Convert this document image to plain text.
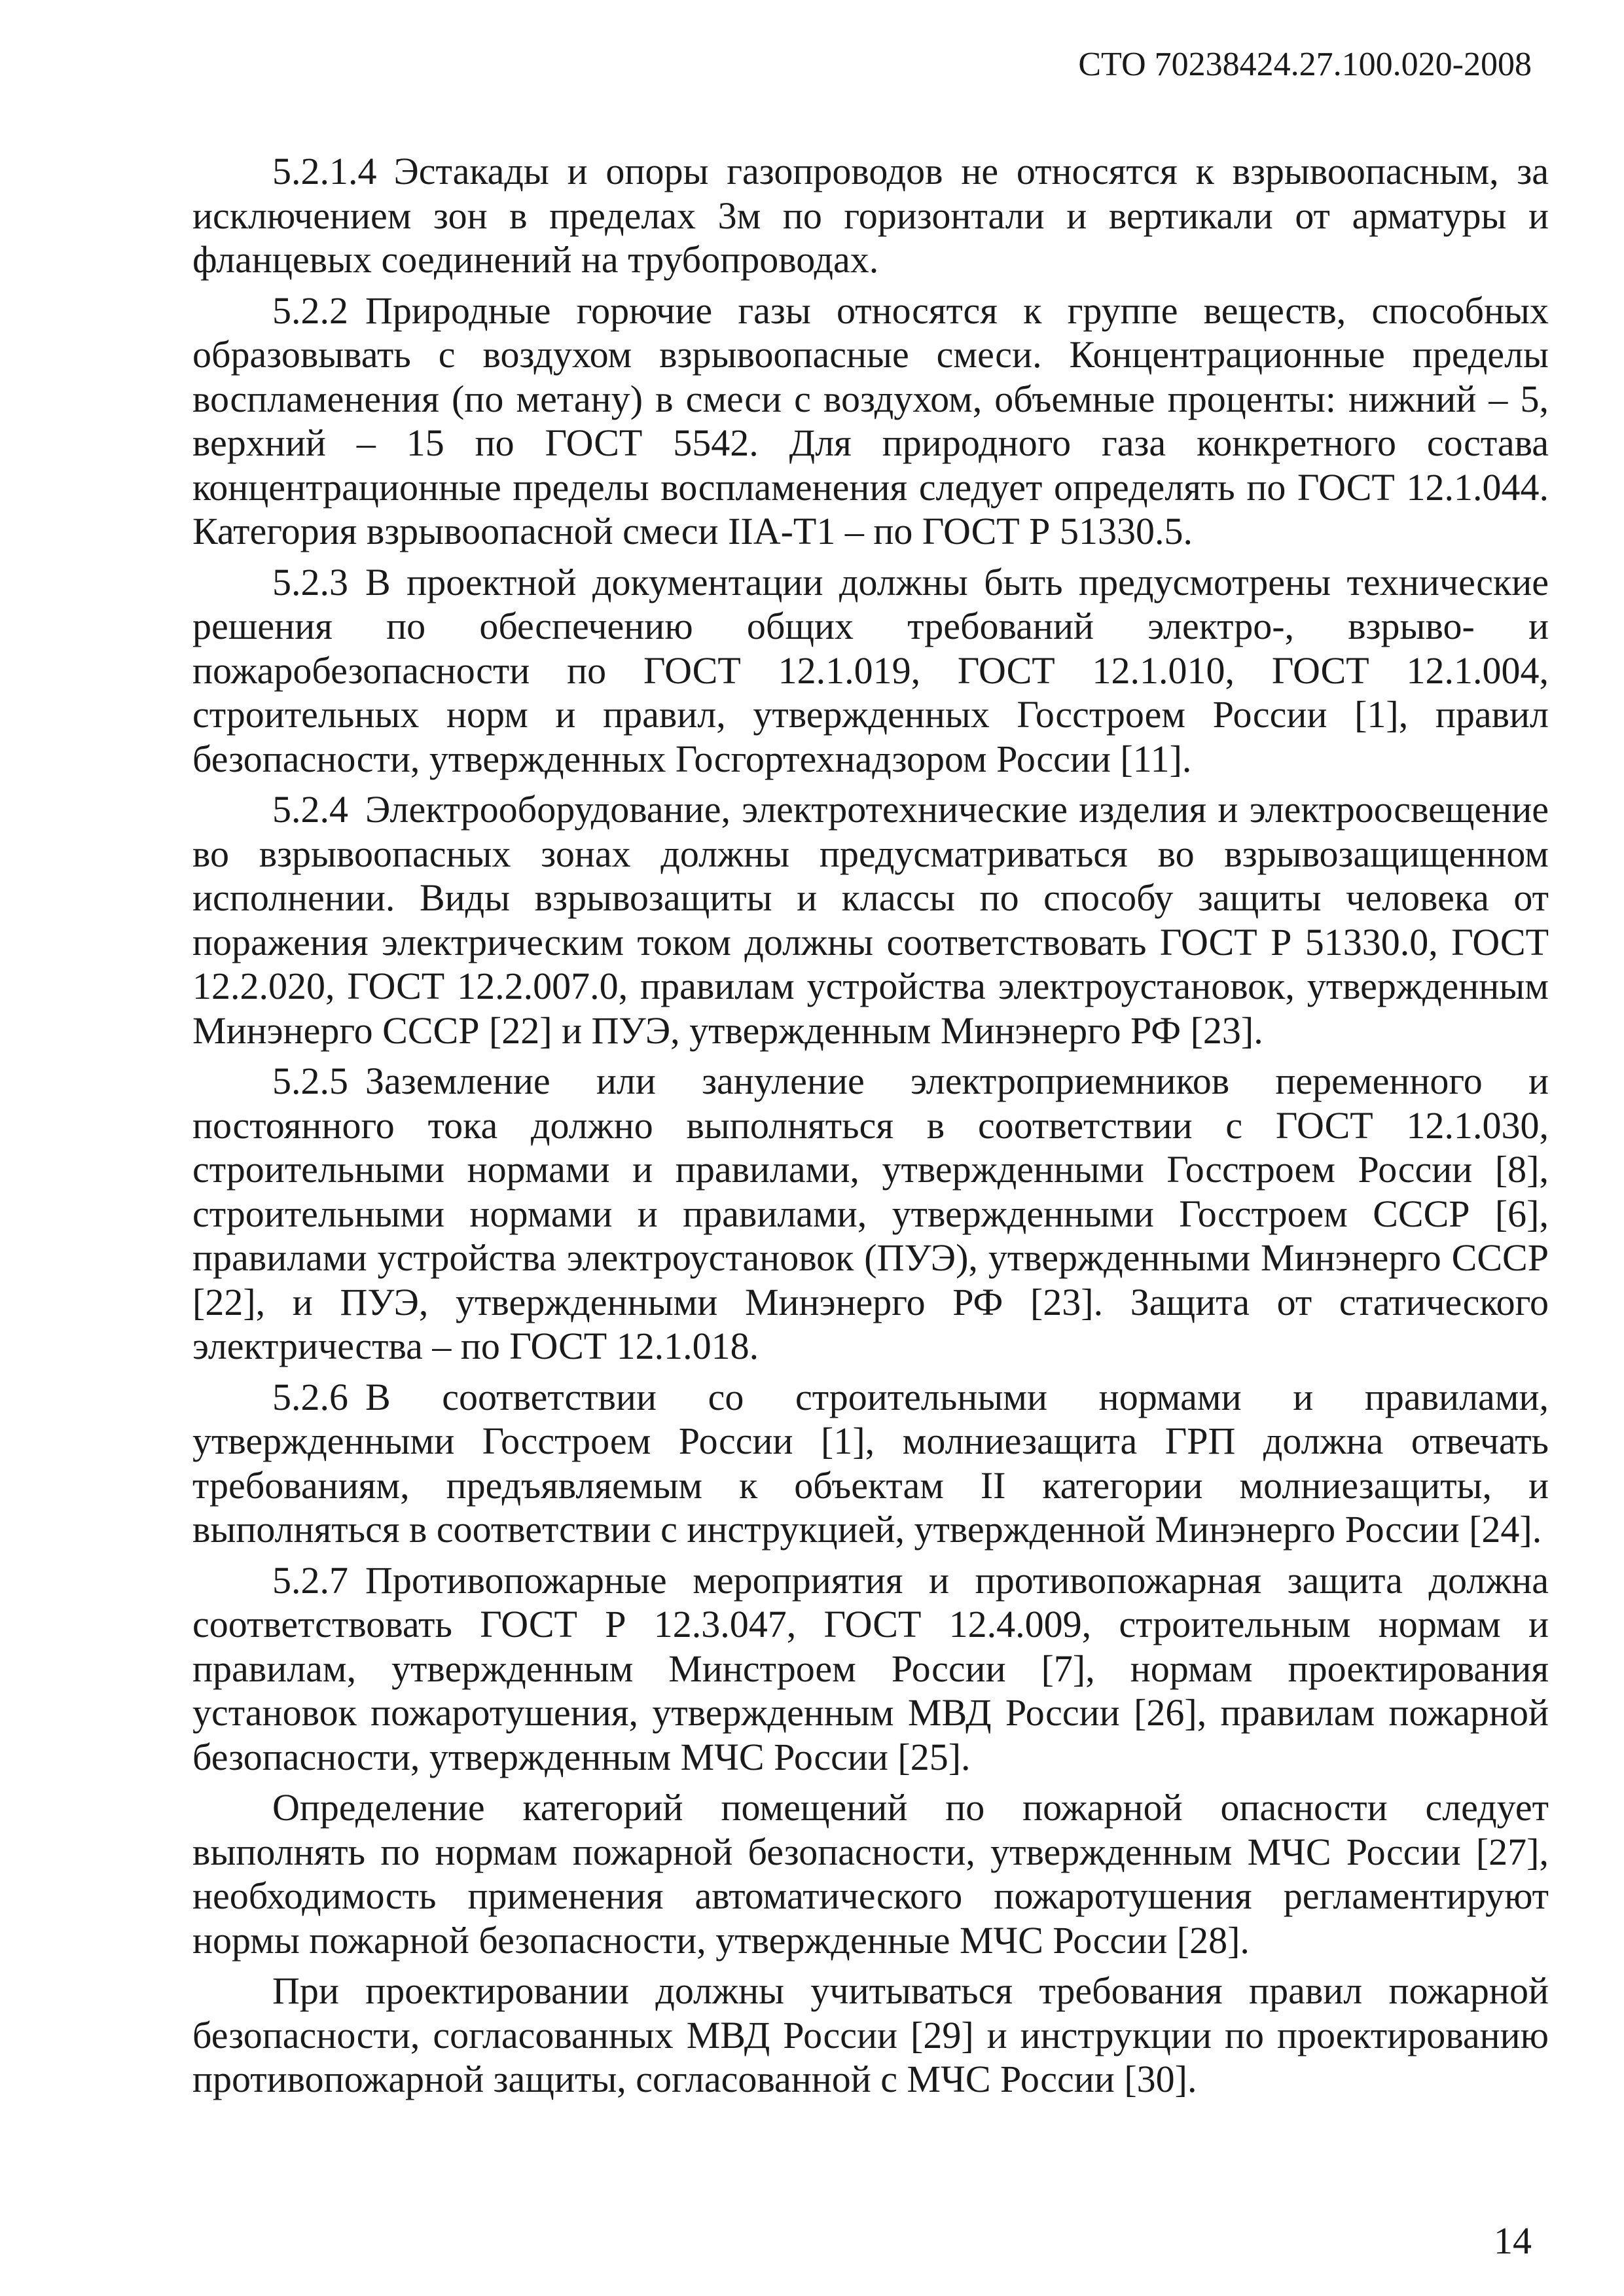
СТО 70238424.27.100.020-2008

5.2.1.4 Эстакады и опоры газопроводов не относятся к взрывоопасным, за исключением зон в пределах 3м по горизонтали и вертикали от арматуры и фланцевых соединений на трубопроводах.

5.2.2 Природные горючие газы относятся к группе веществ, способных образовывать с воздухом взрывоопасные смеси. Концентрационные пределы воспламенения (по метану) в смеси с воздухом, объемные проценты: нижний – 5, верхний – 15 по ГОСТ 5542. Для природного газа конкретного состава концентрационные пределы воспламенения следует определять по ГОСТ 12.1.044. Категория взрывоопасной смеси IIА-Т1 – по ГОСТ Р 51330.5.

5.2.3 В проектной документации должны быть предусмотрены технические решения по обеспечению общих требований электро-, взрыво- и пожаробезопасности по ГОСТ 12.1.019, ГОСТ 12.1.010, ГОСТ 12.1.004, строительных норм и правил, утвержденных Госстроем России [1], правил безопасности, утвержденных Госгортехнадзором России [11].

5.2.4 Электрооборудование, электротехнические изделия и электроосвещение во взрывоопасных зонах должны предусматриваться во взрывозащищенном исполнении. Виды взрывозащиты и классы по способу защиты человека от поражения электрическим током должны соответствовать ГОСТ Р 51330.0, ГОСТ 12.2.020, ГОСТ 12.2.007.0, правилам устройства электроустановок, утвержденным Минэнерго СССР [22] и ПУЭ, утвержденным Минэнерго РФ [23].

5.2.5 Заземление или зануление электроприемников переменного и постоянного тока должно выполняться в соответствии с ГОСТ 12.1.030, строительными нормами и правилами, утвержденными Госстроем России [8], строительными нормами и правилами, утвержденными Госстроем СССР [6], правилами устройства электроустановок (ПУЭ), утвержденными Минэнерго СССР [22], и ПУЭ, утвержденными Минэнерго РФ [23]. Защита от статического электричества – по ГОСТ 12.1.018.

5.2.6 В соответствии со строительными нормами и правилами, утвержденными Госстроем России [1], молниезащита ГРП должна отвечать требованиям, предъявляемым к объектам II категории молниезащиты, и выполняться в соответствии с инструкцией, утвержденной Минэнерго России [24].

5.2.7 Противопожарные мероприятия и противопожарная защита должна соответствовать ГОСТ Р 12.3.047, ГОСТ 12.4.009, строительным нормам и правилам, утвержденным Минстроем России [7], нормам проектирования установок пожаротушения, утвержденным МВД России [26], правилам пожарной безопасности, утвержденным МЧС России [25].

Определение категорий помещений по пожарной опасности следует выполнять по нормам пожарной безопасности, утвержденным МЧС России [27], необходимость применения автоматического пожаротушения регламентируют нормы пожарной безопасности, утвержденные МЧС России [28].

При проектировании должны учитываться требования правил пожарной безопасности, согласованных МВД России [29] и инструкции по проектированию противопожарной защиты, согласованной с МЧС России [30].

14
